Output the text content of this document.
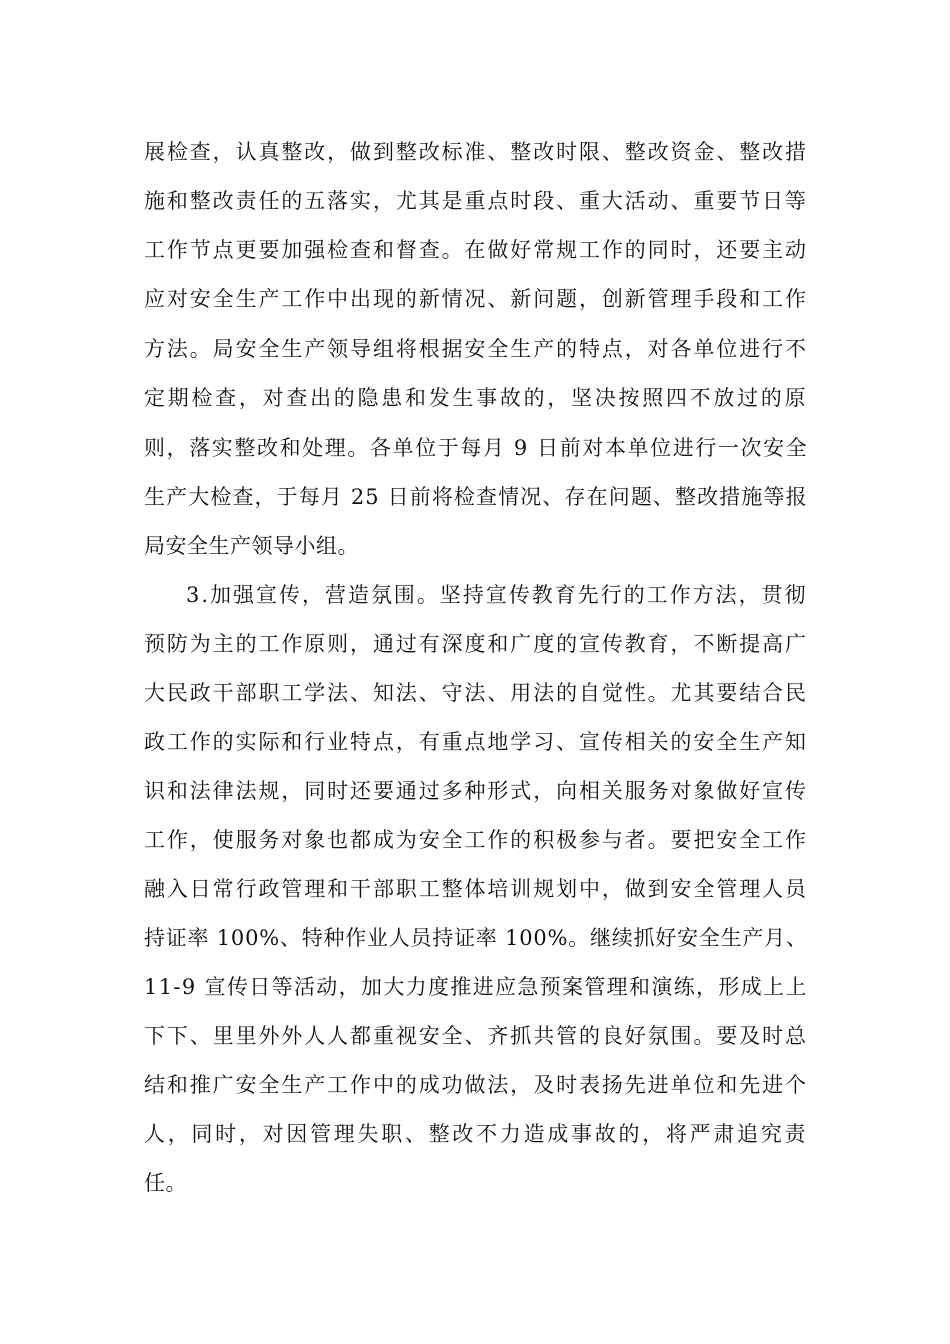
展检查，认真整改，做到整改标准、整改时限、整改资金、整改措
施和整改责任的五落实，尤其是重点时段、重大活动、重要节日等
工作节点更要加强检查和督查。在做好常规工作的同时，还要主动
应对安全生产工作中出现的新情况、新问题，创新管理手段和工作
方法。局安全生产领导组将根据安全生产的特点，对各单位进行不
定期检查，对查出的隐患和发生事故的，坚决按照四不放过的原
则，落实整改和处理。各单位于每月 9 日前对本单位进行一次安全
生产大检查，于每月 25 日前将检查情况、存在问题、整改措施等报
局安全生产领导小组。
3.加强宣传，营造氛围。坚持宣传教育先行的工作方法，贯彻
预防为主的工作原则，通过有深度和广度的宣传教育，不断提高广
大民政干部职工学法、知法、守法、用法的自觉性。尤其要结合民
政工作的实际和行业特点，有重点地学习、宣传相关的安全生产知
识和法律法规，同时还要通过多种形式，向相关服务对象做好宣传
工作，使服务对象也都成为安全工作的积极参与者。要把安全工作
融入日常行政管理和干部职工整体培训规划中，做到安全管理人员
持证率 100%、特种作业人员持证率 100%。继续抓好安全生产月、
11-9 宣传日等活动，加大力度推进应急预案管理和演练，形成上上
下下、里里外外人人都重视安全、齐抓共管的良好氛围。要及时总
结和推广安全生产工作中的成功做法，及时表扬先进单位和先进个
人，同时，对因管理失职、整改不力造成事故的，将严肃追究责
任。
